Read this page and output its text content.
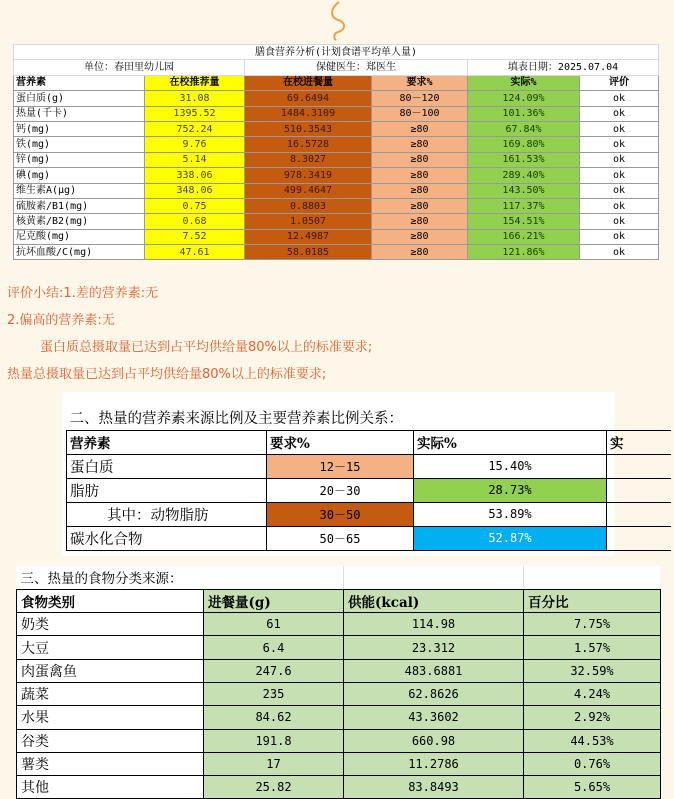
膳食营养分析(计划食谱平均单人量)					
单位：春田里幼儿园		保健医生：郑医生		填表日期：2025.07.04	
营养素	在校推荐量	在校进餐量	要求%	实际%	评价
蛋白质(g)	31.08	69.6494	80－120	124.09%	ok
热量(千卡)	1395.52	1484.3109	80－100	101.36%	ok
钙(mg)	752.24	510.3543	≥80	67.84%	ok
铁(mg)	9.76	16.5728	≥80	169.80%	ok
锌(mg)	5.14	8.3027	≥80	161.53%	ok
碘(mg)	338.06	978.3419	≥80	289.40%	ok
维生素A(μg)	348.06	499.4647	≥80	143.50%	ok
硫胺素/B1(mg)	0.75	0.8803	≥80	117.37%	ok
核黄素/B2(mg)	0.68	1.0507	≥80	154.51%	ok
尼克酸(mg)	7.52	12.4987	≥80	166.21%	ok
抗坏血酸/C(mg)	47.61	58.0185	≥80	121.86%	ok
评价小结:1.差的营养素:无
2.偏高的营养素:无
蛋白质总摄取量已达到占平均供给量80%以上的标准要求;
热量总摄取量已达到占平均供给量80%以上的标准要求;
二、热量的营养素来源比例及主要营养素比例关系：			
营养素	要求%	实际%	实
蛋白质	12－15	15.40%	
脂肪	20－30	28.73%	
其中：动物脂肪	30－50	53.89%	
碳水化合物	50－65	52.87%	
三、热量的食物分类来源：			
食物类别	进餐量(g)	供能(kcal)	百分比
奶类	61	114.98	7.75%
大豆	6.4	23.312	1.57%
肉蛋禽鱼	247.6	483.6881	32.59%
蔬菜	235	62.8626	4.24%
水果	84.62	43.3602	2.92%
谷类	191.8	660.98	44.53%
薯类	17	11.2786	0.76%
其他	25.82	83.8493	5.65%
